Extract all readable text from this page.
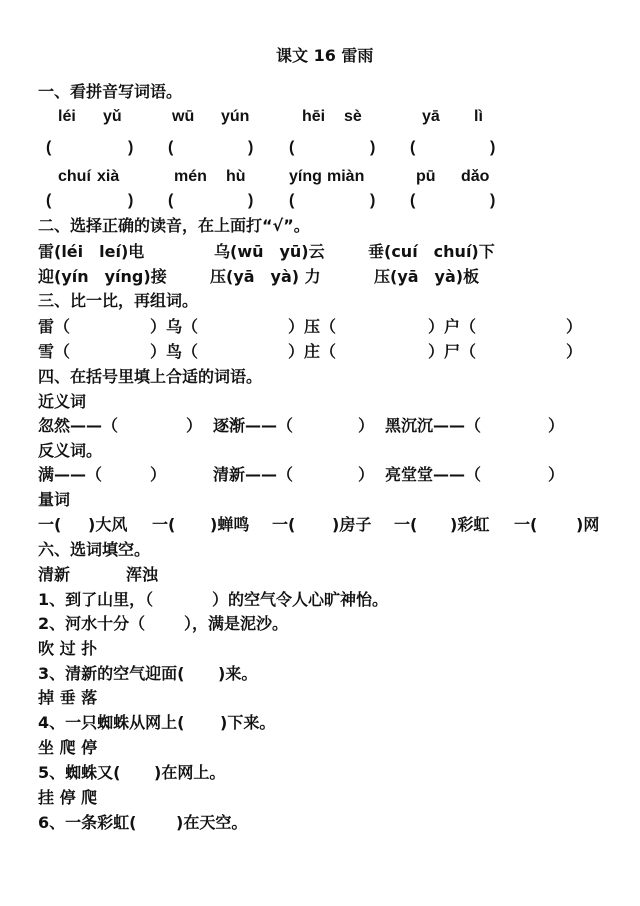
课文 16 雷雨
一、看拼音写词语。
léi yǔ	wū yún	hēi sè	yā lì
(	) (	) (	) (	)
chuí xià	mén hù	yíng miàn	pū dǎo
(	) (	) (	) (	)
二、选择正确的读音，在上面打“√”。
雷(léi　leí)电	乌(wū　yū)云	垂(cuí　chuí)下
迎(yín　yíng)接	压(yā　yà) 力	压(yā　yà)板
三、比一比，再组词。
雷（	）乌（	）压（	）户（	）
雪（	）鸟（	）庄（	）尸（	）
四、在括号里填上合适的词语。
近义词
忽然——（	） 逐渐——（	） 黑沉沉——（	）
反义词。
满——（	）	清新——（	） 亮堂堂——（	）
量词
一( )大风 一( )蝉鸣 一( )房子 一( )彩虹 一( )网
六、选词填空。
清新	浑浊
1、到了山里，（	）的空气令人心旷神怡。
2、河水十分（ ），满是泥沙。
吹 过 扑
3、清新的空气迎面( )来。
掉 垂 落
4、一只蜘蛛从网上( )下来。
坐 爬 停
5、蜘蛛又( )在网上。
挂 停 爬
6、一条彩虹( )在天空。
